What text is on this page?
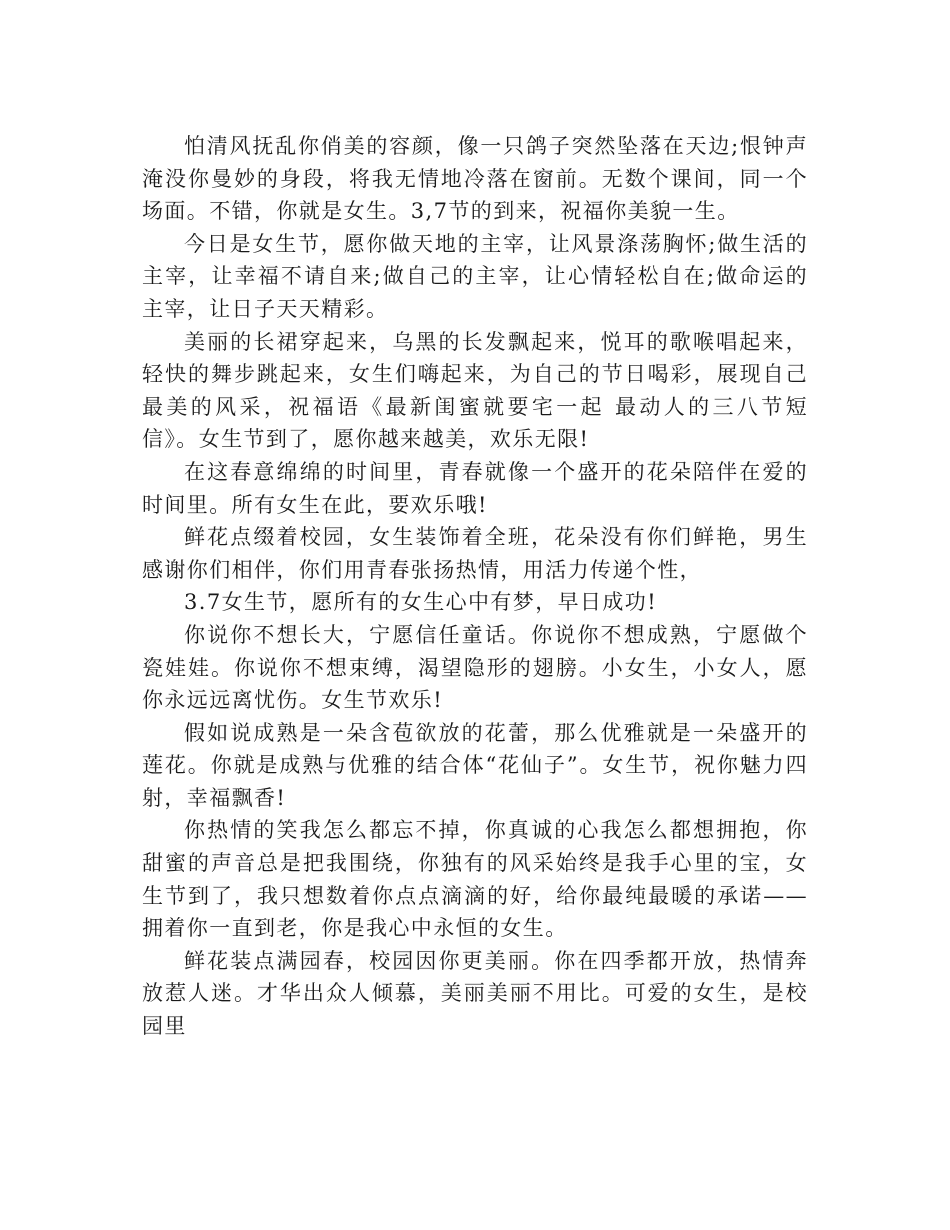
怕清风抚乱你俏美的容颜，像一只鸽子突然坠落在天边;恨钟声淹没你曼妙的身段，将我无情地冷落在窗前。无数个课间，同一个场面。不错，你就是女生。3,7节的到来，祝福你美貌一生。

今日是女生节，愿你做天地的主宰，让风景涤荡胸怀;做生活的主宰，让幸福不请自来;做自己的主宰，让心情轻松自在;做命运的主宰，让日子天天精彩。

美丽的长裙穿起来，乌黑的长发飘起来，悦耳的歌喉唱起来，轻快的舞步跳起来，女生们嗨起来，为自己的节日喝彩，展现自己最美的风采，祝福语《最新闺蜜就要宅一起 最动人的三八节短信》。女生节到了，愿你越来越美，欢乐无限!

在这春意绵绵的时间里，青春就像一个盛开的花朵陪伴在爱的时间里。所有女生在此，要欢乐哦!

鲜花点缀着校园，女生装饰着全班，花朵没有你们鲜艳，男生感谢你们相伴，你们用青春张扬热情，用活力传递个性，

3.7女生节，愿所有的女生心中有梦，早日成功!

你说你不想长大，宁愿信任童话。你说你不想成熟，宁愿做个瓷娃娃。你说你不想束缚，渴望隐形的翅膀。小女生，小女人，愿你永远远离忧伤。女生节欢乐!

假如说成熟是一朵含苞欲放的花蕾，那么优雅就是一朵盛开的莲花。你就是成熟与优雅的结合体“花仙子”。女生节，祝你魅力四射，幸福飘香!

你热情的笑我怎么都忘不掉，你真诚的心我怎么都想拥抱，你甜蜜的声音总是把我围绕，你独有的风采始终是我手心里的宝，女生节到了，我只想数着你点点滴滴的好，给你最纯最暖的承诺——拥着你一直到老，你是我心中永恒的女生。

鲜花装点满园春，校园因你更美丽。你在四季都开放，热情奔放惹人迷。才华出众人倾慕，美丽美丽不用比。可爱的女生，是校园里
